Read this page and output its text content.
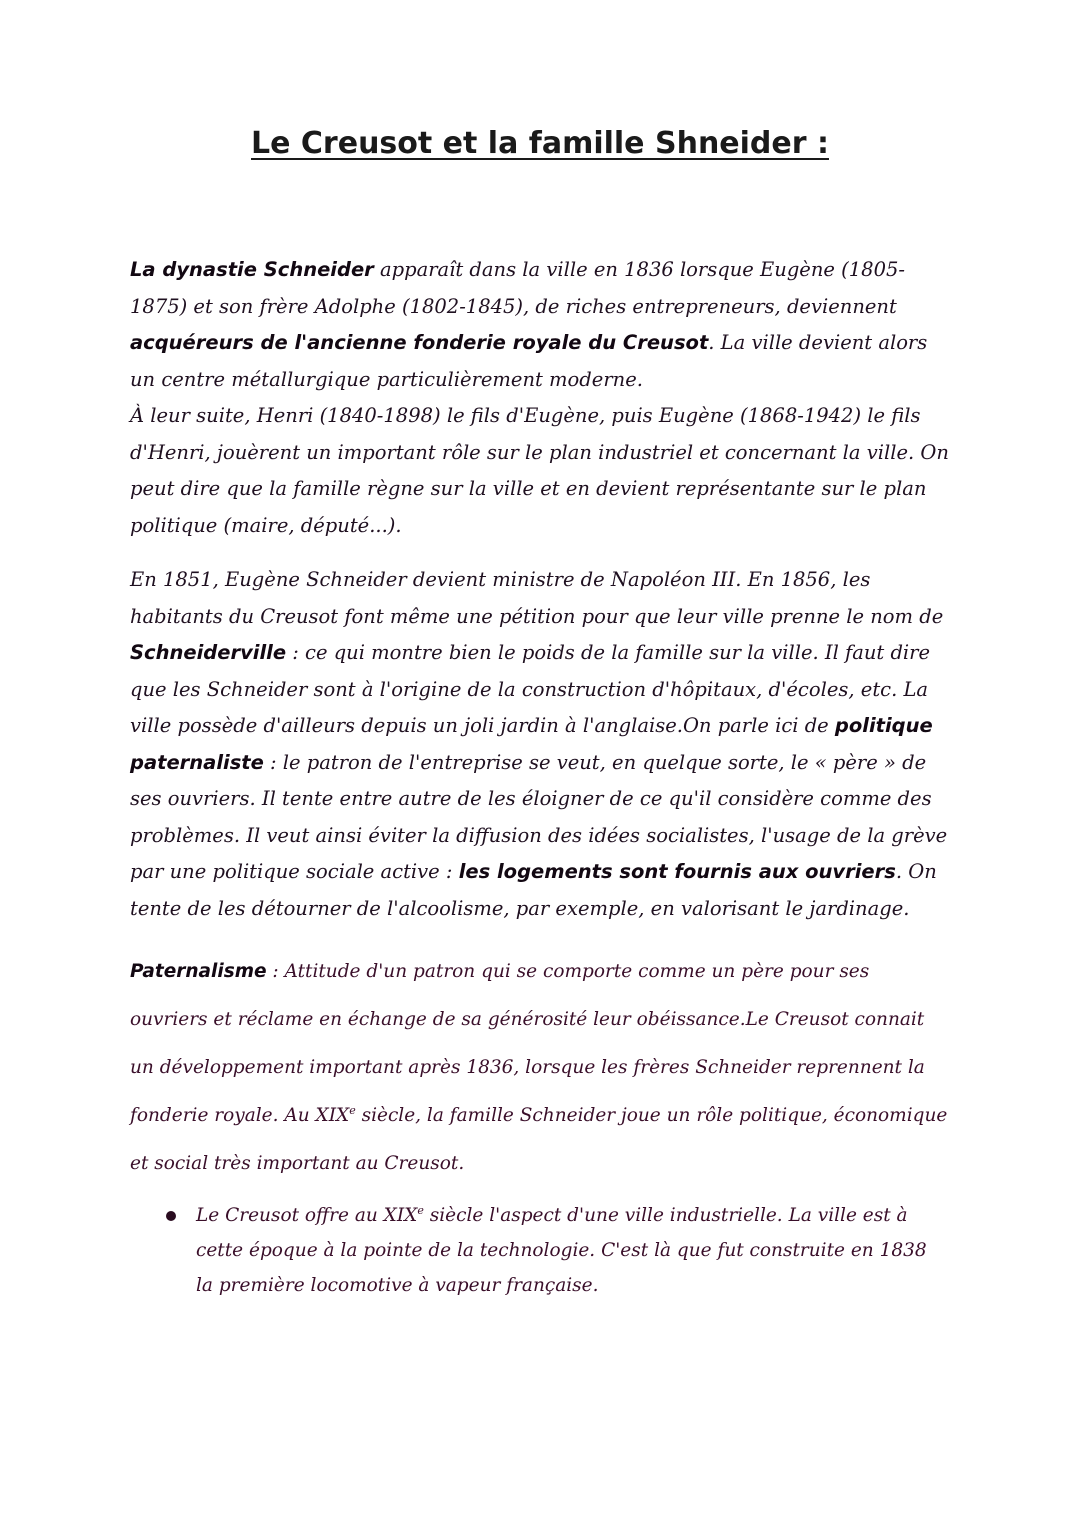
Le Creusot et la famille Shneider :

La dynastie Schneider apparaît dans la ville en 1836 lorsque Eugène (1805-1875) et son frère Adolphe (1802-1845), de riches entrepreneurs, deviennent acquéreurs de l'ancienne fonderie royale du Creusot. La ville devient alors un centre métallurgique particulièrement moderne.
À leur suite, Henri (1840-1898) le fils d'Eugène, puis Eugène (1868-1942) le fils d'Henri, jouèrent un important rôle sur le plan industriel et concernant la ville. On peut dire que la famille règne sur la ville et en devient représentante sur le plan politique (maire, député...).

En 1851, Eugène Schneider devient ministre de Napoléon III. En 1856, les habitants du Creusot font même une pétition pour que leur ville prenne le nom de Schneiderville : ce qui montre bien le poids de la famille sur la ville. Il faut dire que les Schneider sont à l'origine de la construction d'hôpitaux, d'écoles, etc. La ville possède d'ailleurs depuis un joli jardin à l'anglaise.On parle ici de politique paternaliste : le patron de l'entreprise se veut, en quelque sorte, le « père » de ses ouvriers. Il tente entre autre de les éloigner de ce qu'il considère comme des problèmes. Il veut ainsi éviter la diffusion des idées socialistes, l'usage de la grève par une politique sociale active : les logements sont fournis aux ouvriers. On tente de les détourner de l'alcoolisme, par exemple, en valorisant le jardinage.

Paternalisme : Attitude d'un patron qui se comporte comme un père pour ses ouvriers et réclame en échange de sa générosité leur obéissance.Le Creusot connait un développement important après 1836, lorsque les frères Schneider reprennent la fonderie royale. Au XIXe siècle, la famille Schneider joue un rôle politique, économique et social très important au Creusot.

Le Creusot offre au XIXe siècle l'aspect d'une ville industrielle. La ville est à cette époque à la pointe de la technologie. C'est là que fut construite en 1838 la première locomotive à vapeur française.
